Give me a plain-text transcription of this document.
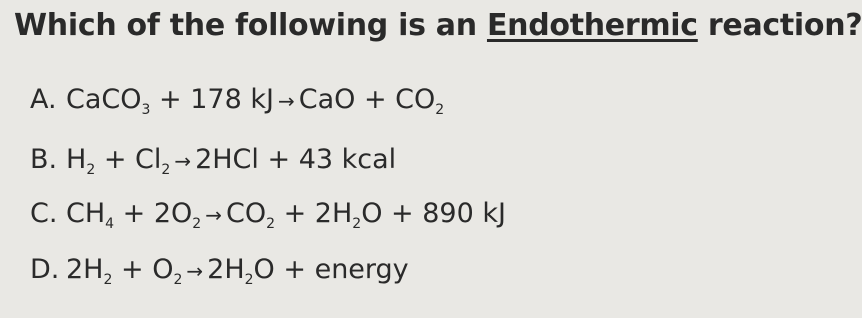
Which of the following is an Endothermic reaction?
A. CaCO$_3$ + 178 kJ → CaO + $CO_2$
B. $H_2 + Cl_2 \to 2HCl + 43$ kcal
C. $CH_4 + 2O_2 \to CO_2 + 2H_2O + 890$ kJ
D. $2H_2 + O_2 \to 2H_2O$ + energy
